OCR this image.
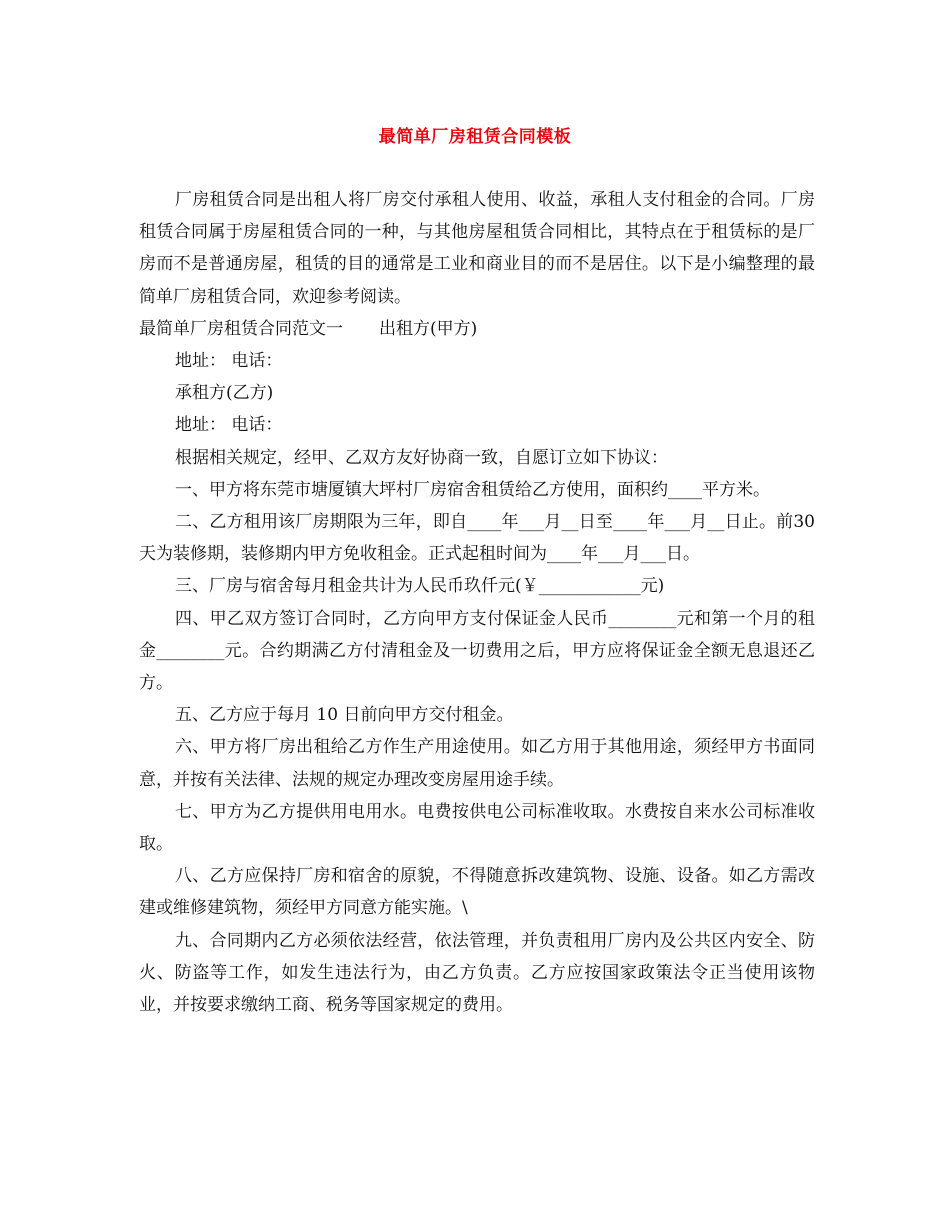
最简单厂房租赁合同模板

厂房租赁合同是出租人将厂房交付承租人使用、收益，承租人支付租金的合同。厂房租赁合同属于房屋租赁合同的一种，与其他房屋租赁合同相比，其特点在于租赁标的是厂房而不是普通房屋，租赁的目的通常是工业和商业目的而不是居住。以下是小编整理的最简单厂房租赁合同，欢迎参考阅读。

最简单厂房租赁合同范文一 出租方(甲方)

地址： 电话：
承租方(乙方)
地址： 电话：

根据相关规定，经甲、乙双方友好协商一致，自愿订立如下协议：

一、甲方将东莞市塘厦镇大坪村厂房宿舍租赁给乙方使用，面积约____平方米。

二、乙方租用该厂房期限为三年，即自____年___月__日至____年___月__日止。前30天为装修期，装修期内甲方免收租金。正式起租时间为____年___月___日。

三、厂房与宿舍每月租金共计为人民币玖仟元(￥____________元)

四、甲乙双方签订合同时，乙方向甲方支付保证金人民币________元和第一个月的租金________元。合约期满乙方付清租金及一切费用之后，甲方应将保证金全额无息退还乙方。

五、乙方应于每月 10 日前向甲方交付租金。

六、甲方将厂房出租给乙方作生产用途使用。如乙方用于其他用途，须经甲方书面同意，并按有关法律、法规的规定办理改变房屋用途手续。

七、甲方为乙方提供用电用水。电费按供电公司标准收取。水费按自来水公司标准收取。

八、乙方应保持厂房和宿舍的原貌，不得随意拆改建筑物、设施、设备。如乙方需改建或维修建筑物，须经甲方同意方能实施。\

九、合同期内乙方必须依法经营，依法管理，并负责租用厂房内及公共区内安全、防火、防盗等工作，如发生违法行为，由乙方负责。乙方应按国家政策法令正当使用该物业，并按要求缴纳工商、税务等国家规定的费用。
